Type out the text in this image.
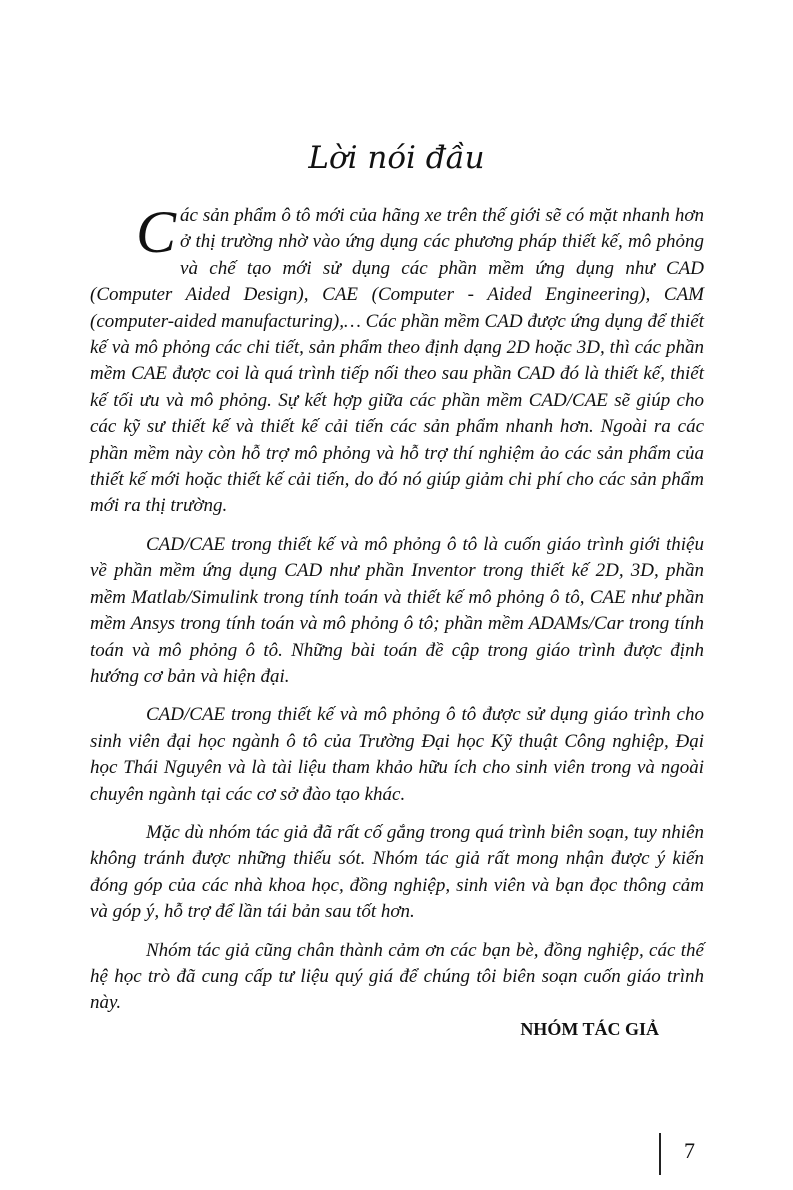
Lời nói đầu

Các sản phẩm ô tô mới của hãng xe trên thế giới sẽ có mặt nhanh hơn ở thị trường nhờ vào ứng dụng các phương pháp thiết kế, mô phỏng và chế tạo mới sử dụng các phần mềm ứng dụng như CAD (Computer Aided Design), CAE (Computer - Aided Engineering), CAM (computer-aided manufacturing),… Các phần mềm CAD được ứng dụng để thiết kế và mô phỏng các chi tiết, sản phẩm theo định dạng 2D hoặc 3D, thì các phần mềm CAE được coi là quá trình tiếp nối theo sau phần CAD đó là thiết kế, thiết kế tối ưu và mô phỏng. Sự kết hợp giữa các phần mềm CAD/CAE sẽ giúp cho các kỹ sư thiết kế và thiết kế cải tiến các sản phẩm nhanh hơn. Ngoài ra các phần mềm này còn hỗ trợ mô phỏng và hỗ trợ thí nghiệm ảo các sản phẩm của thiết kế mới hoặc thiết kế cải tiến, do đó nó giúp giảm chi phí cho các sản phẩm mới ra thị trường.

CAD/CAE trong thiết kế và mô phỏng ô tô là cuốn giáo trình giới thiệu về phần mềm ứng dụng CAD như phần Inventor trong thiết kế 2D, 3D, phần mềm Matlab/Simulink trong tính toán và thiết kế mô phỏng ô tô, CAE như phần mềm Ansys trong tính toán và mô phỏng ô tô; phần mềm ADAMs/Car trong tính toán và mô phỏng ô tô. Những bài toán đề cập trong giáo trình được định hướng cơ bản và hiện đại.

CAD/CAE trong thiết kế và mô phỏng ô tô được sử dụng giáo trình cho sinh viên đại học ngành ô tô của Trường Đại học Kỹ thuật Công nghiệp, Đại học Thái Nguyên và là tài liệu tham khảo hữu ích cho sinh viên trong và ngoài chuyên ngành tại các cơ sở đào tạo khác.

Mặc dù nhóm tác giả đã rất cố gắng trong quá trình biên soạn, tuy nhiên không tránh được những thiếu sót. Nhóm tác giả rất mong nhận được ý kiến đóng góp của các nhà khoa học, đồng nghiệp, sinh viên và bạn đọc thông cảm và góp ý, hỗ trợ để lần tái bản sau tốt hơn.

Nhóm tác giả cũng chân thành cảm ơn các bạn bè, đồng nghiệp, các thế hệ học trò đã cung cấp tư liệu quý giá để chúng tôi biên soạn cuốn giáo trình này.

NHÓM TÁC GIẢ

7
